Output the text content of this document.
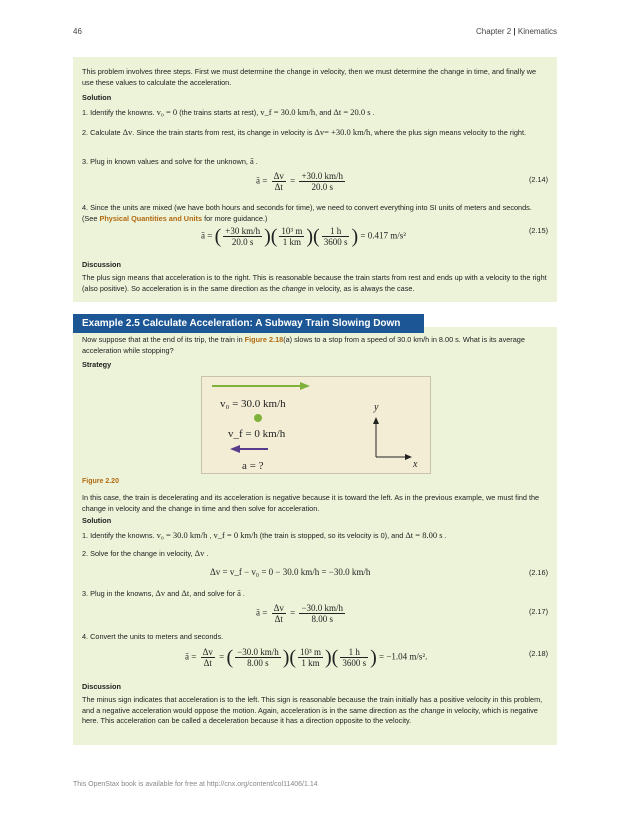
46	Chapter 2 | Kinematics

This problem involves three steps. First we must determine the change in velocity, then we must determine the change in time, and finally we use these values to calculate the acceleration.

Solution

1. Identify the knowns. v₀ = 0 (the trains starts at rest), v_f = 30.0 km/h, and Δt = 20.0 s .

2. Calculate Δv. Since the train starts from rest, its change in velocity is Δv= +30.0 km/h, where the plus sign means velocity to the right.

3. Plug in known values and solve for the unknown, ā .

ā = $\frac{\Delta v}{\Delta t} = \frac{+30.0 km/h}{20.0 s}$	(2.14)

4. Since the units are mixed (we have both hours and seconds for time), we need to convert everything into SI units of meters and seconds. (See Physical Quantities and Units for more guidance.)

ā = ( $\frac{+30 km/h}{20.0 s}$ )( $\frac{\text{10³ m}}{1 km}$ )( $\frac{1 h}{3600 s}$ ) = 0.417 m/s²
(2.15)

Discussion

The plus sign means that acceleration is to the right. This is reasonable because the train starts from rest and ends up with a velocity to the right (also positive). So acceleration is in the same direction as the change in velocity, as is always the case.

Example 2.5 Calculate Acceleration: A Subway Train Slowing Down

Now suppose that at the end of its trip, the train in Figure 2.18(a) slows to a stop from a speed of 30.0 km/h in 8.00 s. What is its average acceleration while stopping?

Strategy

v₀ = 30.0 km/h
v_f = 0 km/h
a = ?
y
x
Figure 2.20

In this case, the train is decelerating and its acceleration is negative because it is toward the left. As in the previous example, we must find the change in velocity and the change in time and then solve for acceleration.

Solution

1. Identify the knowns. v₀ = 30.0 km/h , v_f = 0 km/h (the train is stopped, so its velocity is 0), and Δt = 8.00 s .

2. Solve for the change in velocity, Δv .

Δv = v_f − v₀ = 0 − 30.0 km/h = −30.0 km/h	(2.16)

3. Plug in the knowns, Δv and Δt, and solve for ā .

ā = $\frac{\Delta v}{\Delta t} = \frac{-30.0 km/h}{8.00 s}$	(2.17)

4. Convert the units to meters and seconds.

ā = $\frac{\Delta v}{\Delta t}$ = ( $\frac{-30.0 km/h}{8.00 s}$ )( $\frac{\text{10³ m}}{1 km}$ )( $\frac{1 h}{3600 s}$ ) = −1.04 m/s².	(2.18)

Discussion

The minus sign indicates that acceleration is to the left. This sign is reasonable because the train initially has a positive velocity in this problem, and a negative acceleration would oppose the motion. Again, acceleration is in the same direction as the change in velocity, which is negative here. This acceleration can be called a deceleration because it has a direction opposite to the velocity.

This OpenStax book is available for free at http://cnx.org/content/col11406/1.14
